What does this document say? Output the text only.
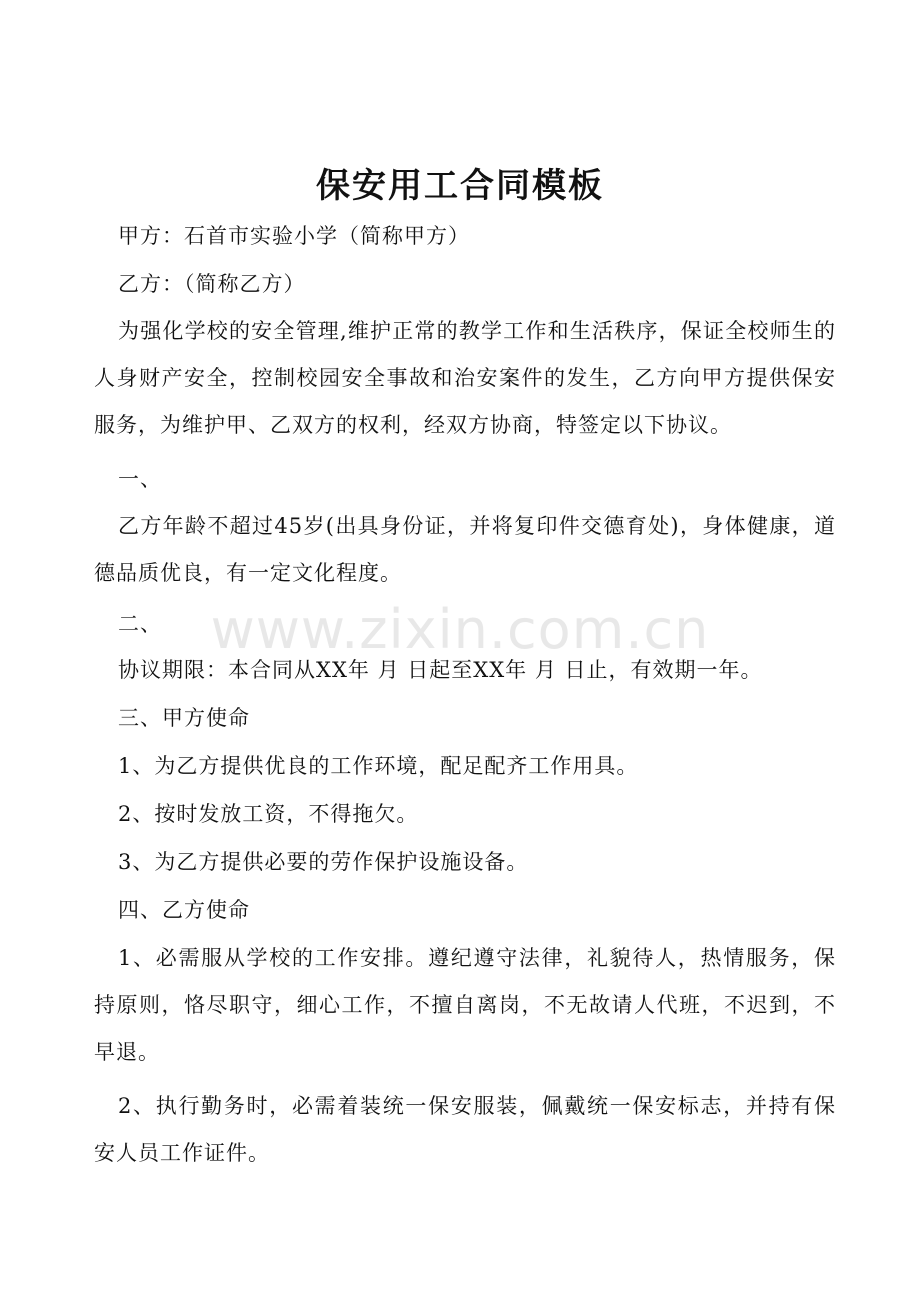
保安用工合同模板

甲方：石首市实验小学（简称甲方）

乙方：（简称乙方）

为强化学校的安全管理,维护正常的教学工作和生活秩序，保证全校师生的人身财产安全，控制校园安全事故和治安案件的发生，乙方向甲方提供保安服务，为维护甲、乙双方的权利，经双方协商，特签定以下协议。

一、

乙方年龄不超过45岁(出具身份证，并将复印件交德育处)，身体健康，道德品质优良，有一定文化程度。

二、

协议期限：本合同从XX年 月 日起至XX年 月 日止，有效期一年。

三、甲方使命

1、为乙方提供优良的工作环境，配足配齐工作用具。

2、按时发放工资，不得拖欠。

3、为乙方提供必要的劳作保护设施设备。

四、乙方使命

1、必需服从学校的工作安排。遵纪遵守法律，礼貌待人，热情服务，保持原则，恪尽职守，细心工作，不擅自离岗，不无故请人代班，不迟到，不早退。

2、执行勤务时，必需着装统一保安服装，佩戴统一保安标志，并持有保安人员工作证件。

www.zixin.com.cn
